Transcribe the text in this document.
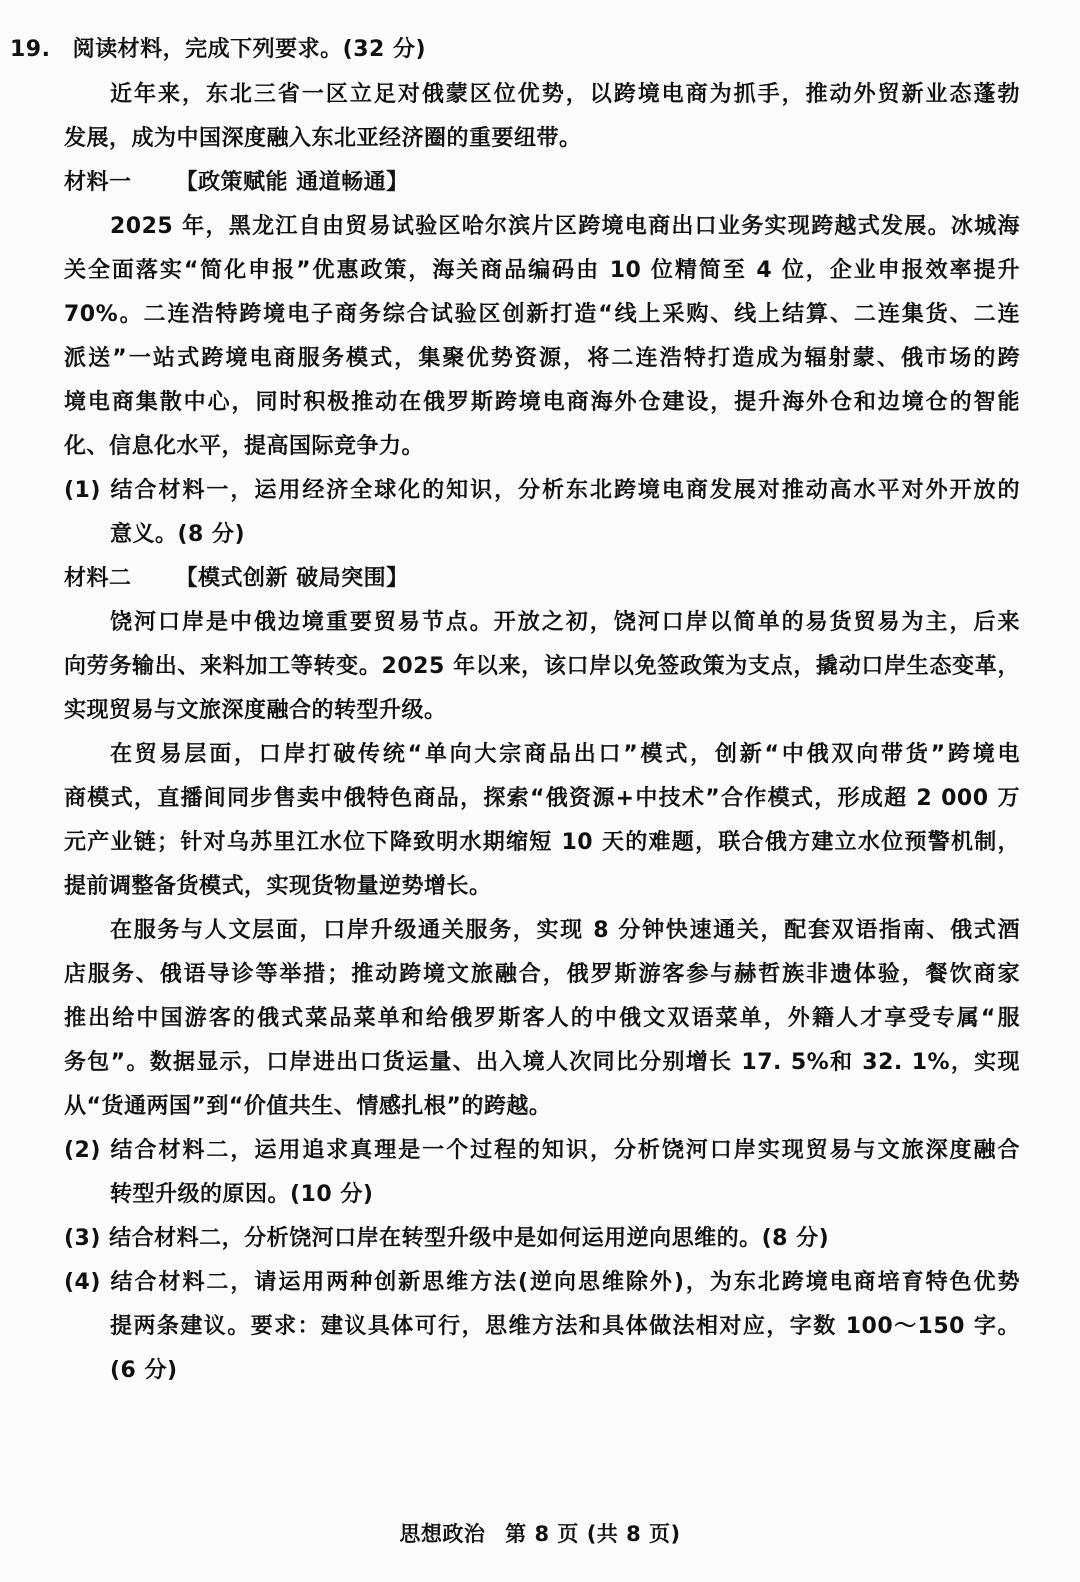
19. 阅读材料，完成下列要求。(32 分)
近年来，东北三省一区立足对俄蒙区位优势，以跨境电商为抓手，推动外贸新业态蓬勃
发展，成为中国深度融入东北亚经济圈的重要纽带。
材料一 【政策赋能 通道畅通】
2025 年，黑龙江自由贸易试验区哈尔滨片区跨境电商出口业务实现跨越式发展。冰城海
关全面落实“简化申报”优惠政策，海关商品编码由 10 位精简至 4 位，企业申报效率提升
70%。二连浩特跨境电子商务综合试验区创新打造“线上采购、线上结算、二连集货、二连
派送”一站式跨境电商服务模式，集聚优势资源，将二连浩特打造成为辐射蒙、俄市场的跨
境电商集散中心，同时积极推动在俄罗斯跨境电商海外仓建设，提升海外仓和边境仓的智能
化、信息化水平，提高国际竞争力。
(1) 结合材料一，运用经济全球化的知识，分析东北跨境电商发展对推动高水平对外开放的
意义。(8 分)
材料二 【模式创新 破局突围】
饶河口岸是中俄边境重要贸易节点。开放之初，饶河口岸以简单的易货贸易为主，后来
向劳务输出、来料加工等转变。2025 年以来，该口岸以免签政策为支点，撬动口岸生态变革，
实现贸易与文旅深度融合的转型升级。
在贸易层面，口岸打破传统“单向大宗商品出口”模式，创新“中俄双向带货”跨境电
商模式，直播间同步售卖中俄特色商品，探索“俄资源+中技术”合作模式，形成超 2 000 万
元产业链；针对乌苏里江水位下降致明水期缩短 10 天的难题，联合俄方建立水位预警机制，
提前调整备货模式，实现货物量逆势增长。
在服务与人文层面，口岸升级通关服务，实现 8 分钟快速通关，配套双语指南、俄式酒
店服务、俄语导诊等举措；推动跨境文旅融合，俄罗斯游客参与赫哲族非遗体验，餐饮商家
推出给中国游客的俄式菜品菜单和给俄罗斯客人的中俄文双语菜单，外籍人才享受专属“服
务包”。数据显示，口岸进出口货运量、出入境人次同比分别增长 17. 5%和 32. 1%，实现
从“货通两国”到“价值共生、情感扎根”的跨越。
(2) 结合材料二，运用追求真理是一个过程的知识，分析饶河口岸实现贸易与文旅深度融合
转型升级的原因。(10 分)
(3) 结合材料二，分析饶河口岸在转型升级中是如何运用逆向思维的。(8 分)
(4) 结合材料二，请运用两种创新思维方法(逆向思维除外)，为东北跨境电商培育特色优势
提两条建议。要求：建议具体可行，思维方法和具体做法相对应，字数 100～150 字。
(6 分)
思想政治 第 8 页 (共 8 页)
